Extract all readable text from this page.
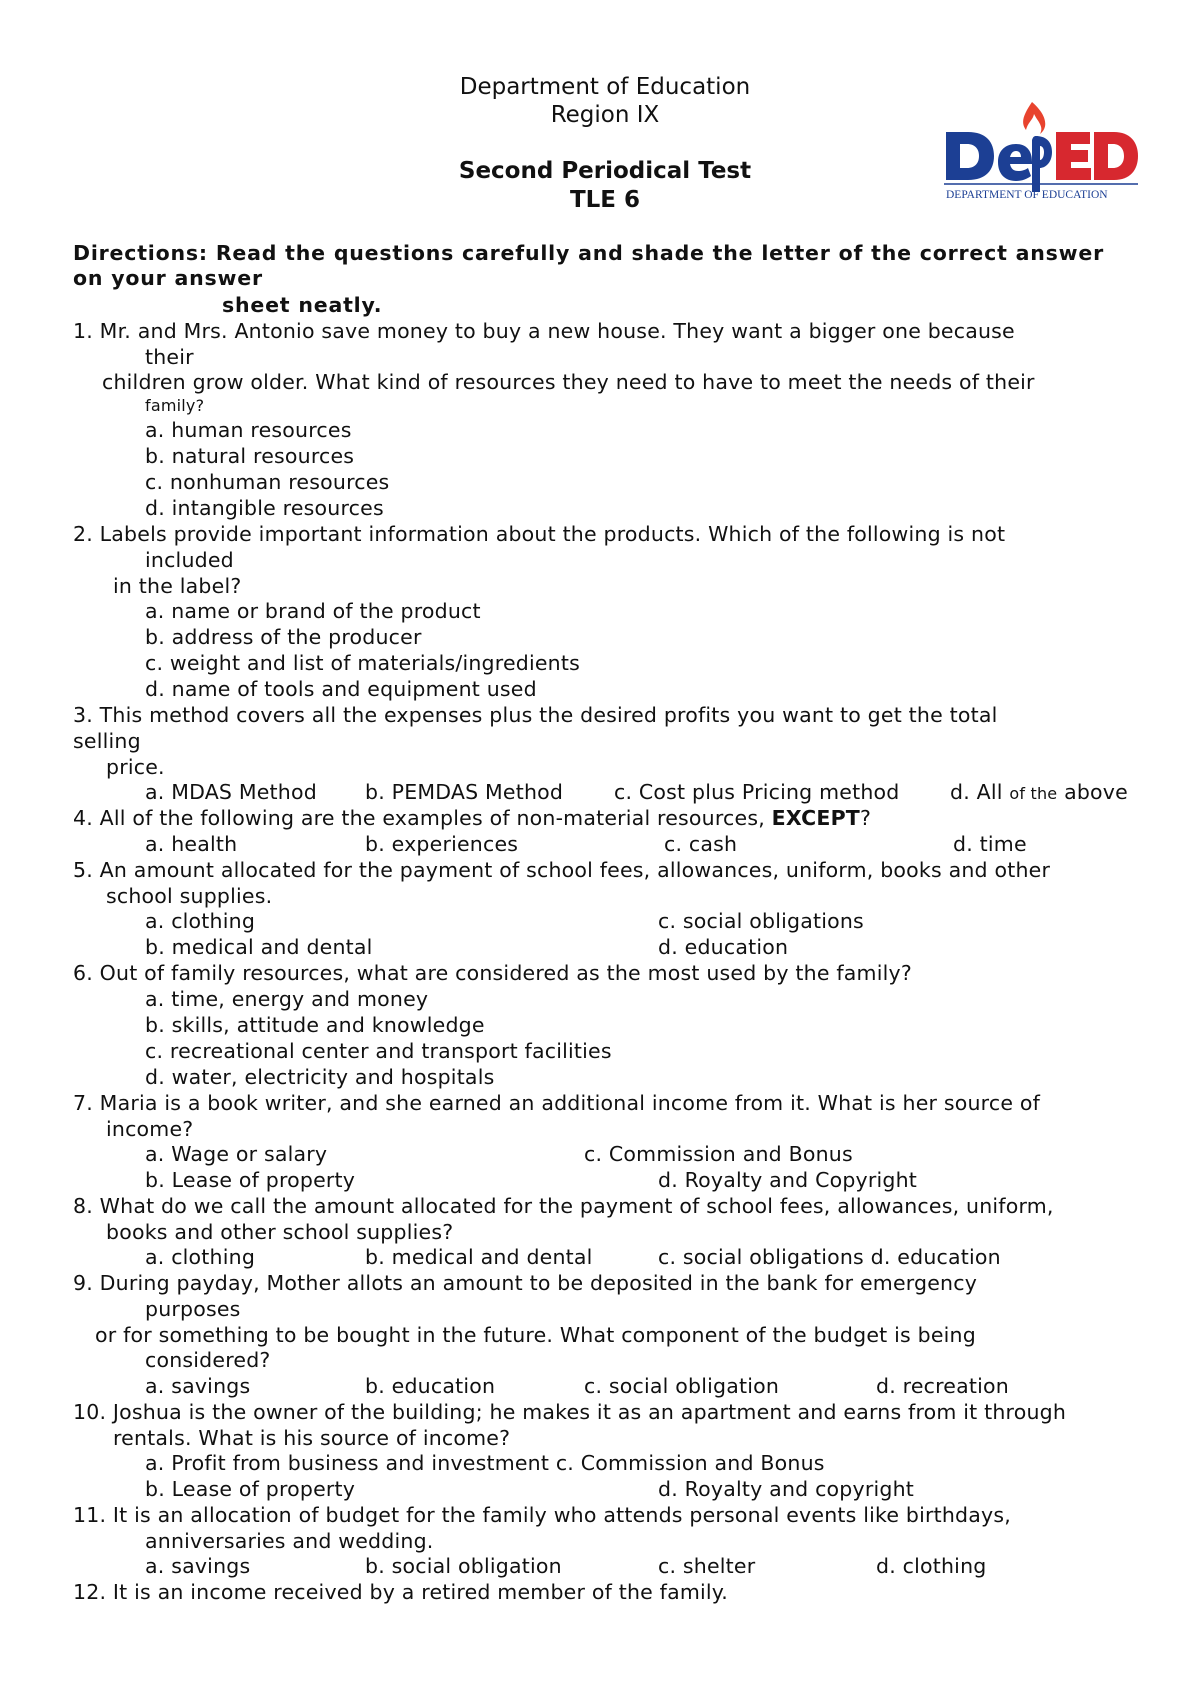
Department of Education
Region IX
Second Periodical Test
TLE 6	DEPARTMENT OF EDUCATION
Directions: Read the questions carefully and shade the letter of the correct answer
on your answer
sheet neatly.
1. Mr. and Mrs. Antonio save money to buy a new house. They want a bigger one because
their
children grow older. What kind of resources they need to have to meet the needs of their
family?
a. human resources
b. natural resources
c. nonhuman resources
d. intangible resources
2. Labels provide important information about the products. Which of the following is not
included
in the label?
a. name or brand of the product
b. address of the producer
c. weight and list of materials/ingredients
d. name of tools and equipment used
3. This method covers all the expenses plus the desired profits you want to get the total
selling
price.
a. MDAS Method b. PEMDAS Method c. Cost plus Pricing method d. All of the above
4. All of the following are the examples of non-material resources, EXCEPT?
a. health	b. experiences	c. cash	d. time
5. An amount allocated for the payment of school fees, allowances, uniform, books and other
school supplies.
a. clothing	c. social obligations
b. medical and dental	d. education
6. Out of family resources, what are considered as the most used by the family?
a. time, energy and money
b. skills, attitude and knowledge
c. recreational center and transport facilities
d. water, electricity and hospitals
7. Maria is a book writer, and she earned an additional income from it. What is her source of
income?
a. Wage or salary	c. Commission and Bonus
b. Lease of property	d. Royalty and Copyright
8. What do we call the amount allocated for the payment of school fees, allowances, uniform,
books and other school supplies?
a. clothing	b. medical and dental	c. social obligations d. education
9. During payday, Mother allots an amount to be deposited in the bank for emergency
purposes
or for something to be bought in the future. What component of the budget is being
considered?
a. savings	b. education	c. social obligation	d. recreation
10. Joshua is the owner of the building; he makes it as an apartment and earns from it through
rentals. What is his source of income?
a. Profit from business and investment c. Commission and Bonus
b. Lease of property	d. Royalty and copyright
11. It is an allocation of budget for the family who attends personal events like birthdays,
anniversaries and wedding.
a. savings	b. social obligation	c. shelter	d. clothing
12. It is an income received by a retired member of the family.
